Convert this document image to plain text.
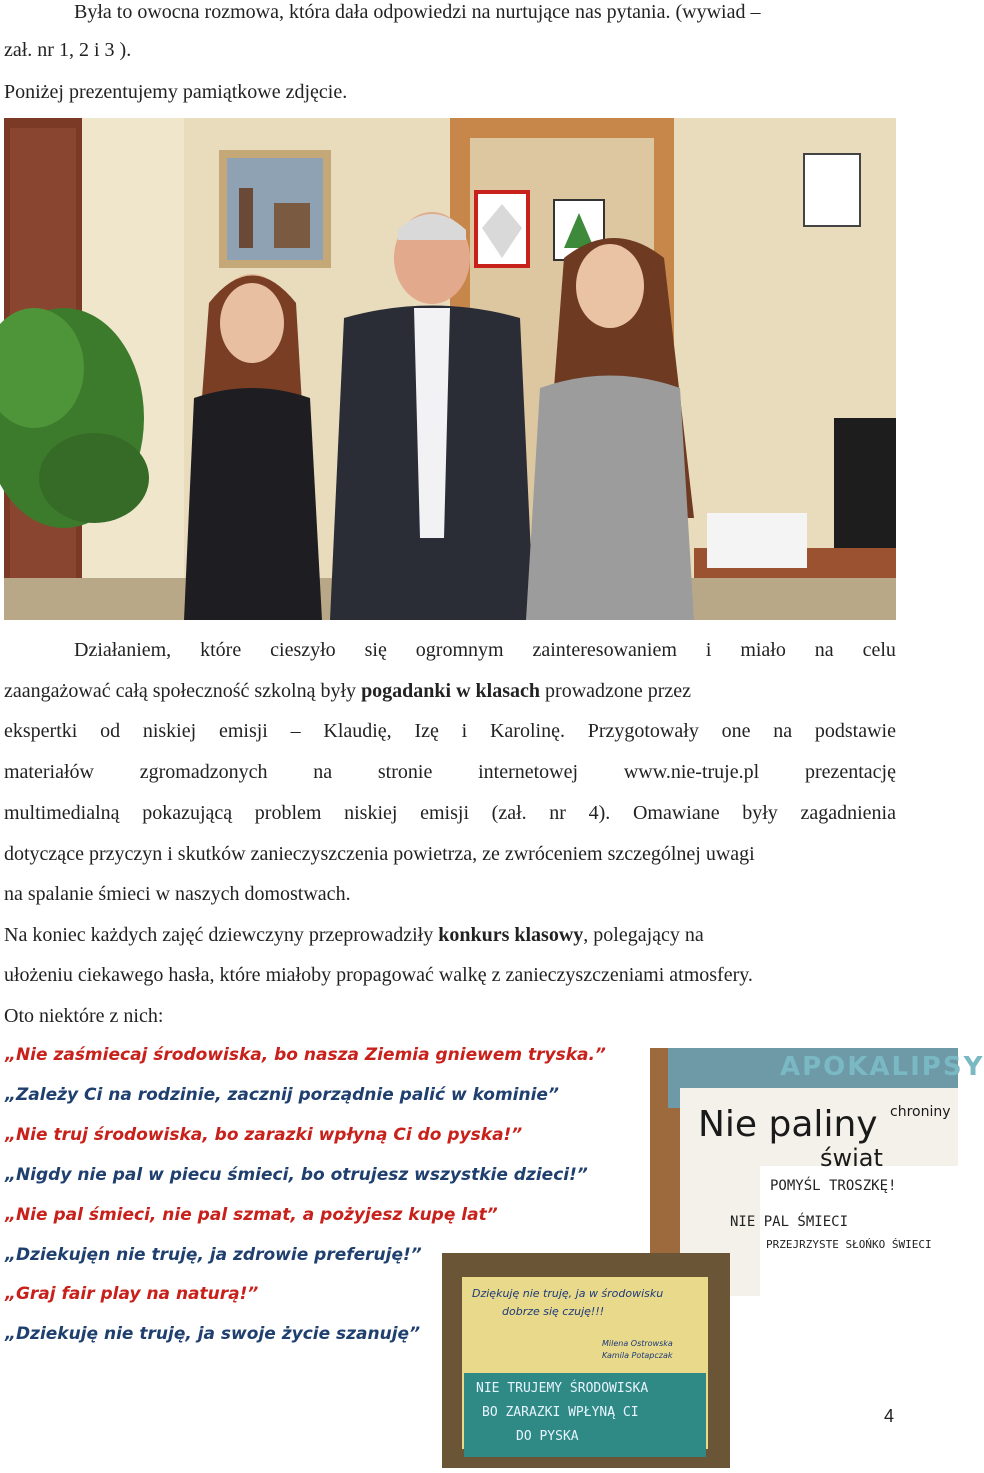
Była to owocna rozmowa, która dała odpowiedzi na nurtujące nas pytania. (wywiad –
zał. nr 1, 2 i 3 ).
Poniżej prezentujemy pamiątkowe zdjęcie.
Działaniem, które cieszyło się ogromnym zainteresowaniem i miało na celu
zaangażować całą społeczność szkolną były pogadanki w klasach prowadzone przez
ekspertki od niskiej emisji – Klaudię, Izę i Karolinę. Przygotowały one na podstawie
materiałów zgromadzonych na stronie internetowej www.nie-truje.pl prezentację
multimedialną pokazującą problem niskiej emisji (zał. nr 4). Omawiane były zagadnienia
dotyczące przyczyn i skutków zanieczyszczenia powietrza, ze zwróceniem szczególnej uwagi
na spalanie śmieci w naszych domostwach.
Na koniec każdych zajęć dziewczyny przeprowadziły konkurs klasowy, polegający na
ułożeniu ciekawego hasła, które miałoby propagować walkę z zanieczyszczeniami atmosfery.
Oto niektóre z nich:
„Nie zaśmiecaj środowiska, bo nasza Ziemia gniewem tryska.”
„Zależy Ci na rodzinie, zacznij porządnie palić w kominie”
„Nie truj środowiska, bo zarazki wpłyną Ci do pyska!”
„Nigdy nie pal w piecu śmieci, bo otrujesz wszystkie dzieci!”
„Nie pal śmieci, nie pal szmat, a pożyjesz kupę lat”
„Dziekujęn nie truję, ja zdrowie preferuję!”
„Graj fair play na naturą!”
„Dziekuję nie truję, ja swoje życie szanuję”
APOKALIPSY
Nie paliny
świat
chroniny
POMYŚL TROSZKĘ!
NIE PAL ŚMIECI
PRZEJRZYSTE SŁOŃKO ŚWIECI
Dziękuję nie truję, ja w środowisku
dobrze się czuję!!!
Milena Ostrowska
Kamila Potapczak
NIE TRUJEMY ŚRODOWISKA
BO ZARAZKI WPŁYNĄ CI
DO PYSKA
4
